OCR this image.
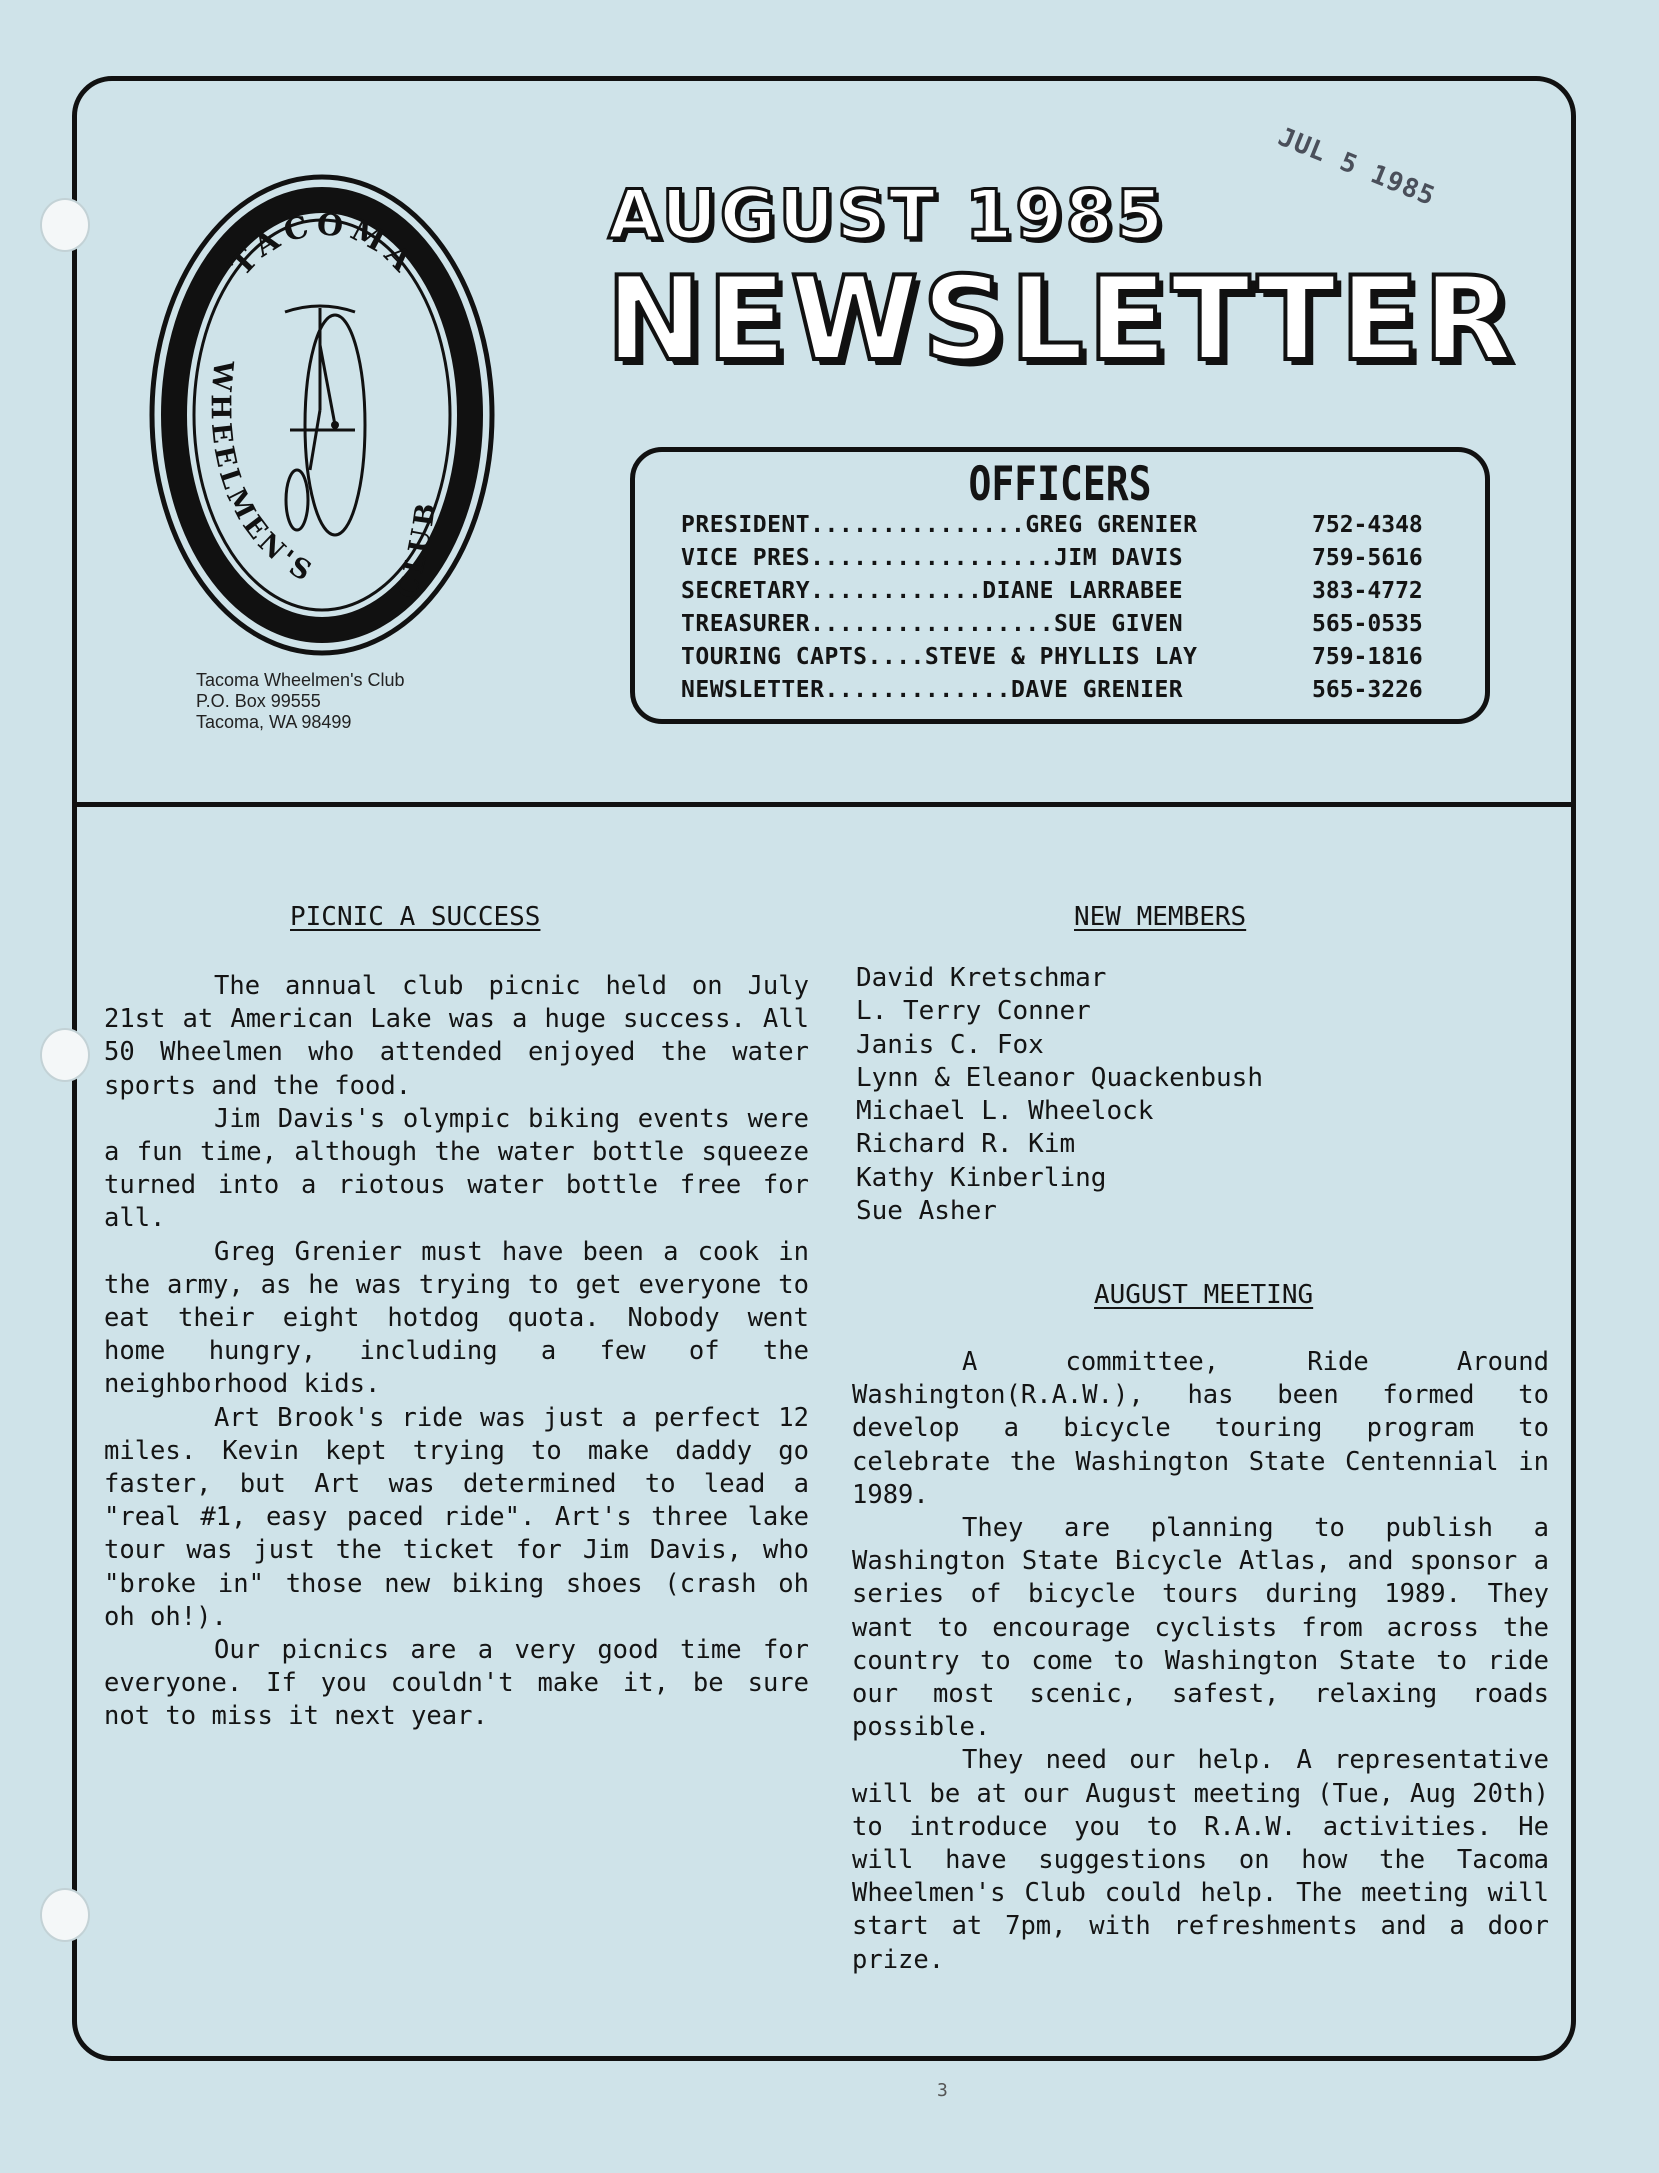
JUL 5 1985
TACOMA
WHEELMEN'S	CLUB
Tacoma Wheelmen's Club
P.O. Box 99555
Tacoma, WA 98499
AUGUST 1985
NEWSLETTER
OFFICERS
PRESIDENT...............GREG GRENIER	752-4348
VICE PRES.................JIM DAVIS	759-5616
SECRETARY............DIANE LARRABEE	383-4772
TREASURER.................SUE GIVEN	565-0535
TOURING CAPTS....STEVE & PHYLLIS LAY	759-1816
NEWSLETTER.............DAVE GRENIER	565-3226
PICNIC A SUCCESS

The annual club picnic held on July 21st at American Lake was a huge success. All 50 Wheelmen who attended enjoyed the water sports and the food.

Jim Davis's olympic biking events were a fun time, although the water bottle squeeze turned into a riotous water bottle free for all.

Greg Grenier must have been a cook in the army, as he was trying to get everyone to eat their eight hotdog quota. Nobody went home hungry, including a few of the neighborhood kids.

Art Brook's ride was just a perfect 12 miles. Kevin kept trying to make daddy go faster, but Art was determined to lead a "real #1, easy paced ride". Art's three lake tour was just the ticket for Jim Davis, who "broke in" those new biking shoes (crash oh oh oh!).

Our picnics are a very good time for everyone. If you couldn't make it, be sure not to miss it next year.

NEW MEMBERS
David Kretschmar
L. Terry Conner
Janis C. Fox
Lynn & Eleanor Quackenbush
Michael L. Wheelock
Richard R. Kim
Kathy Kinberling
Sue Asher
AUGUST MEETING

A committee, Ride Around Washington(R.A.W.), has been formed to develop a bicycle touring program to celebrate the Washington State Centennial in 1989.

They are planning to publish a Washington State Bicycle Atlas, and sponsor a series of bicycle tours during 1989. They want to encourage cyclists from across the country to come to Washington State to ride our most scenic, safest, relaxing roads possible.

They need our help. A representative will be at our August meeting (Tue, Aug 20th) to introduce you to R.A.W. activities. He will have suggestions on how the Tacoma Wheelmen's Club could help. The meeting will start at 7pm, with refreshments and a door prize.

3
